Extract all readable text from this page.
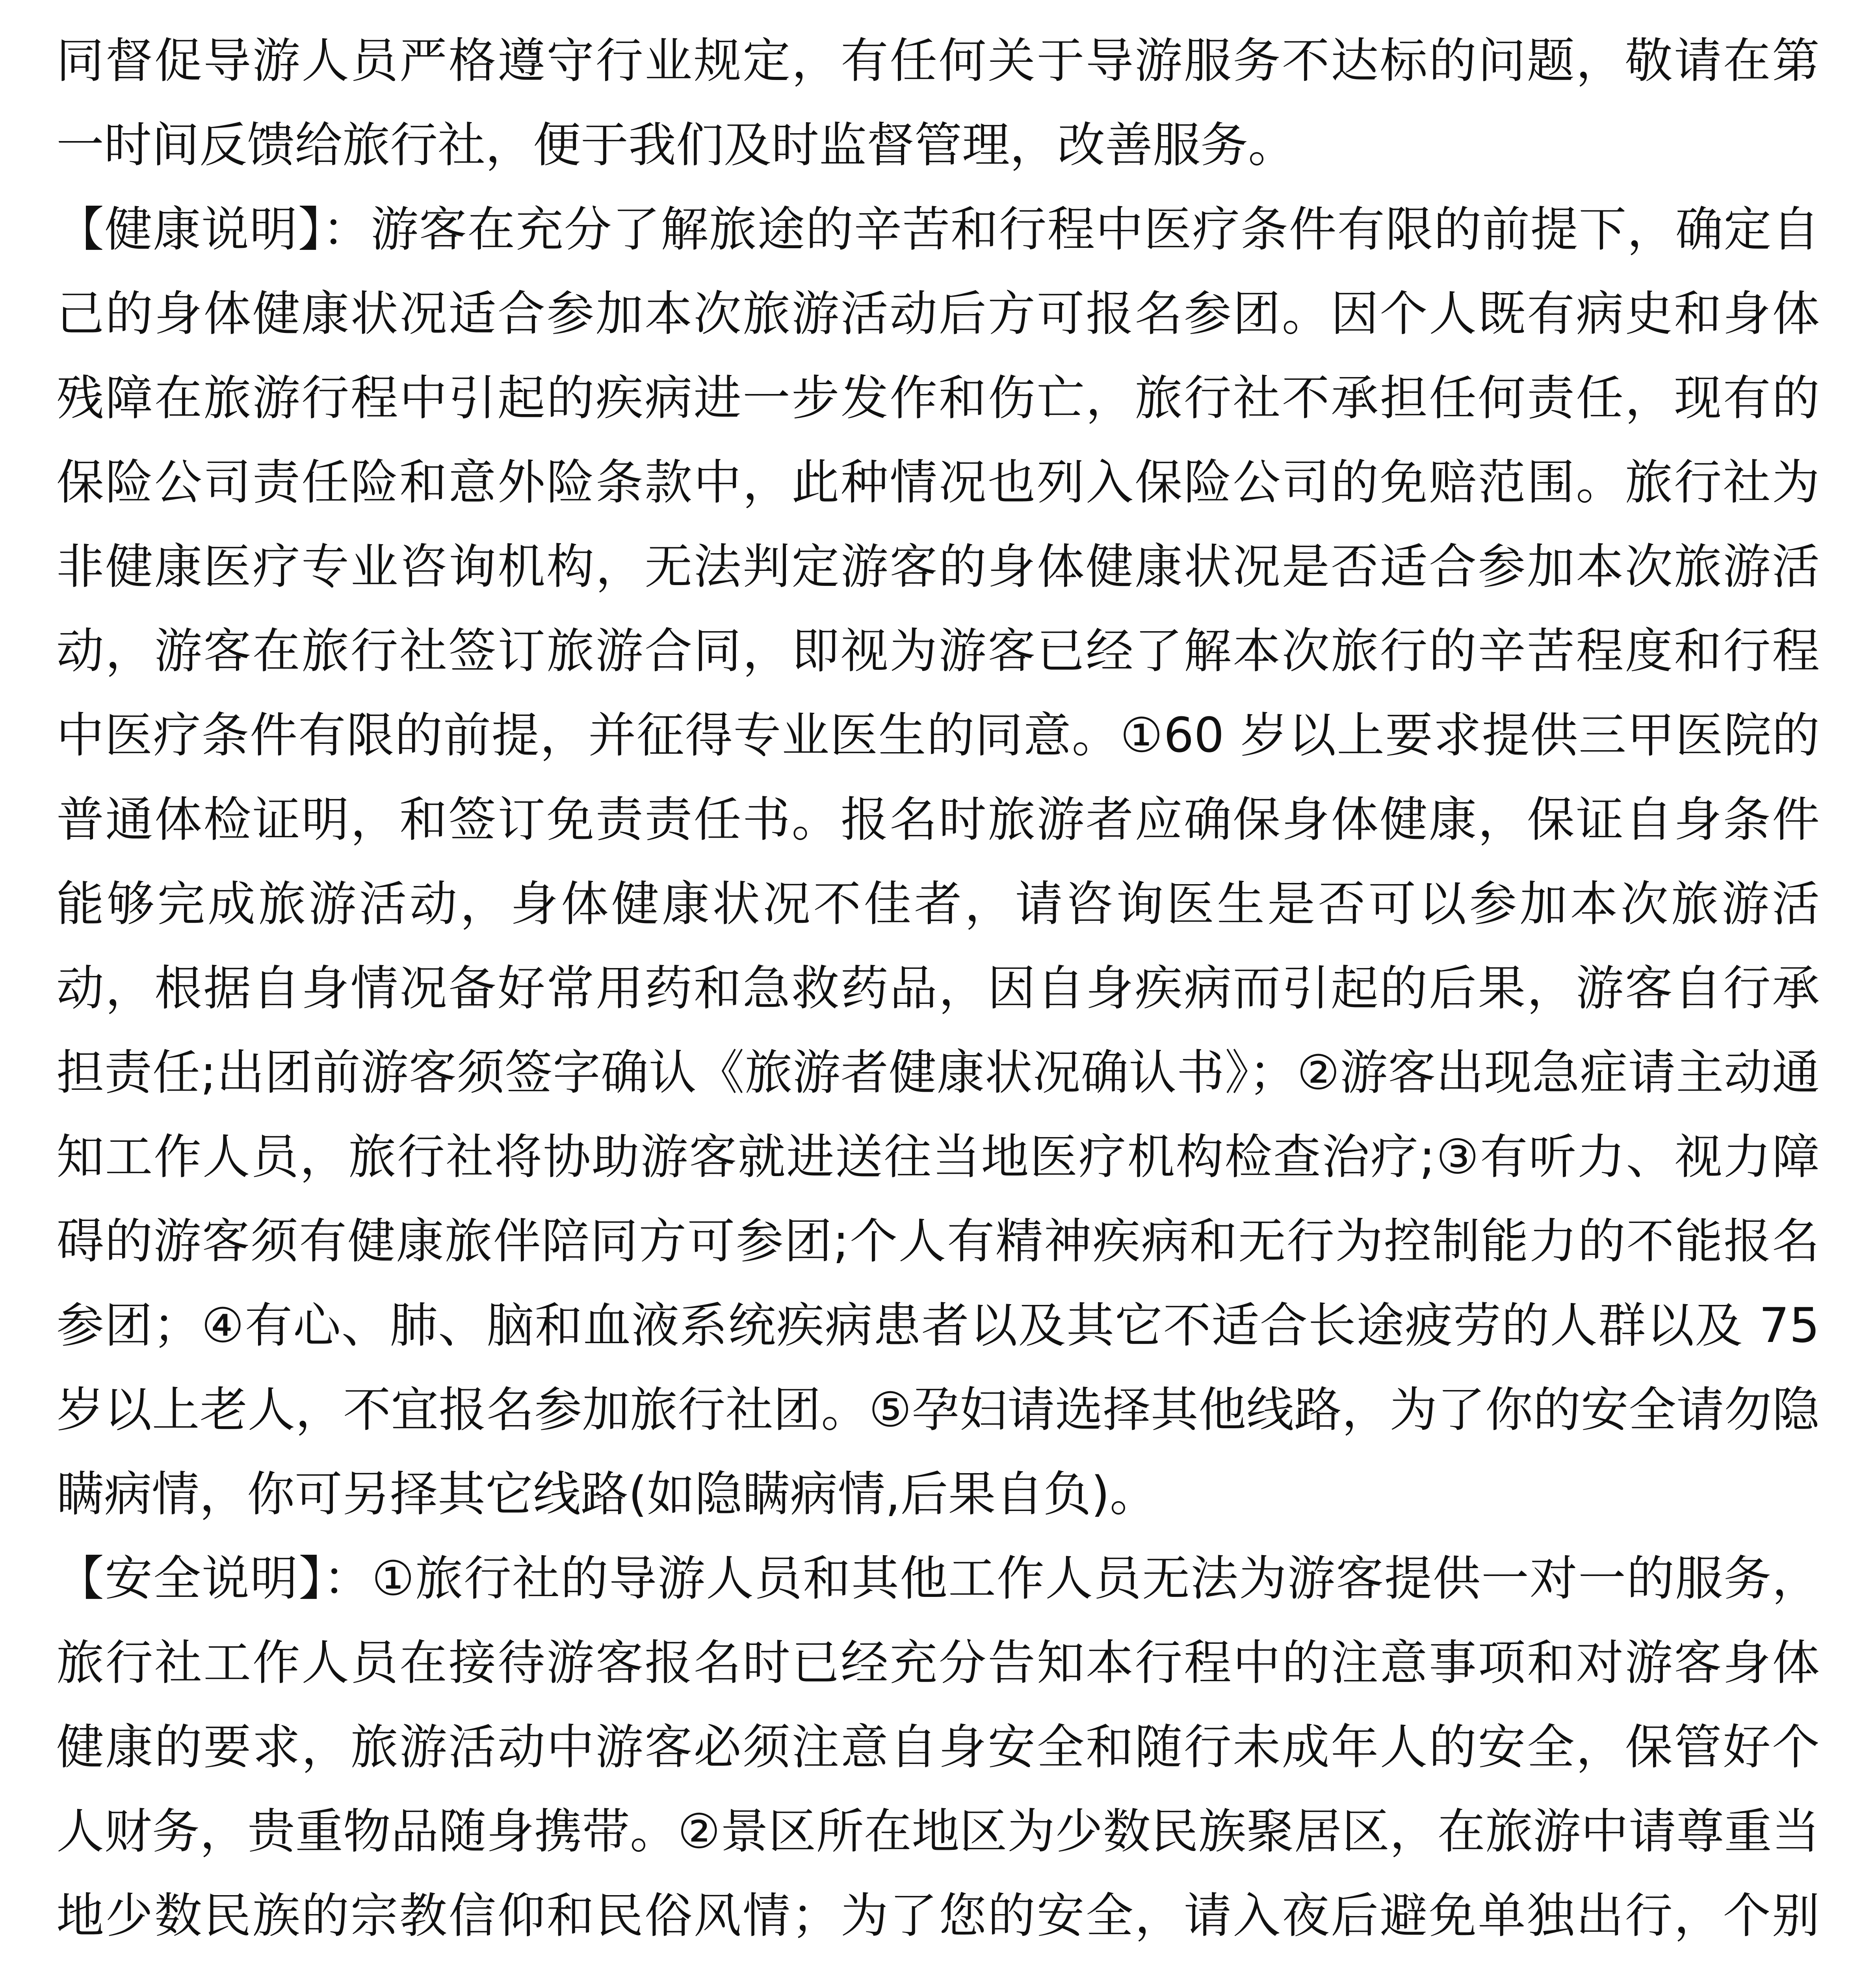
同督促导游人员严格遵守行业规定，有任何关于导游服务不达标的问题，敬请在第一时间反馈给旅行社，便于我们及时监督管理，改善服务。

【健康说明】：游客在充分了解旅途的辛苦和行程中医疗条件有限的前提下，确定自己的身体健康状况适合参加本次旅游活动后方可报名参团。因个人既有病史和身体残障在旅游行程中引起的疾病进一步发作和伤亡，旅行社不承担任何责任，现有的保险公司责任险和意外险条款中，此种情况也列入保险公司的免赔范围。旅行社为非健康医疗专业咨询机构，无法判定游客的身体健康状况是否适合参加本次旅游活动，游客在旅行社签订旅游合同，即视为游客已经了解本次旅行的辛苦程度和行程中医疗条件有限的前提，并征得专业医生的同意。①60 岁以上要求提供三甲医院的普通体检证明，和签订免责责任书。报名时旅游者应确保身体健康，保证自身条件能够完成旅游活动，身体健康状况不佳者，请咨询医生是否可以参加本次旅游活动，根据自身情况备好常用药和急救药品，因自身疾病而引起的后果，游客自行承担责任;出团前游客须签字确认《旅游者健康状况确认书》；②游客出现急症请主动通知工作人员，旅行社将协助游客就进送往当地医疗机构检查治疗;③有听力、视力障碍的游客须有健康旅伴陪同方可参团;个人有精神疾病和无行为控制能力的不能报名参团；④有心、肺、脑和血液系统疾病患者以及其它不适合长途疲劳的人群以及 75 岁以上老人，不宜报名参加旅行社团。⑤孕妇请选择其他线路，为了你的安全请勿隐瞒病情，你可另择其它线路(如隐瞒病情,后果自负)。

【安全说明】：①旅行社的导游人员和其他工作人员无法为游客提供一对一的服务，旅行社工作人员在接待游客报名时已经充分告知本行程中的注意事项和对游客身体健康的要求，旅游活动中游客必须注意自身安全和随行未成年人的安全，保管好个人财务，贵重物品随身携带。②景区所在地区为少数民族聚居区，在旅游中请尊重当地少数民族的宗教信仰和民俗风情；为了您的安全，请入夜后避免单独出行，个别
